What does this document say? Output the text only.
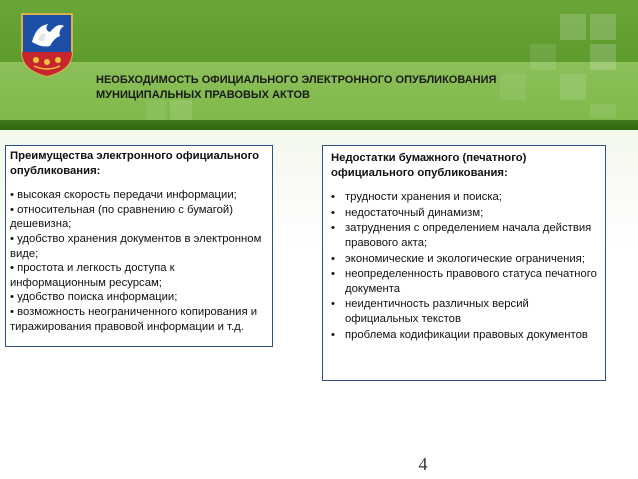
НЕОБХОДИМОСТЬ ОФИЦИАЛЬНОГО ЭЛЕКТРОННОГО ОПУБЛИКОВАНИЯ
МУНИЦИПАЛЬНЫХ ПРАВОВЫХ АКТОВ
Преимущества электронного официального опубликования:
• высокая скорость передачи информации;
• относительная (по сравнению с бумагой) дешевизна;
• удобство хранения документов в электронном виде;
• простота и легкость доступа к информационным ресурсам;
• удобство поиска информации;
• возможность неограниченного копирования и тиражирования правовой информации и т.д.
Недостатки бумажного (печатного) официального опубликования:
• трудности хранения и поиска;
• недостаточный динамизм;
• затруднения с определением начала действия правового акта;
• экономические и экологические ограничения;
• неопределенность правового статуса печатного документа
• неидентичность различных версий официальных текстов
• проблема кодификации правовых документов
4
